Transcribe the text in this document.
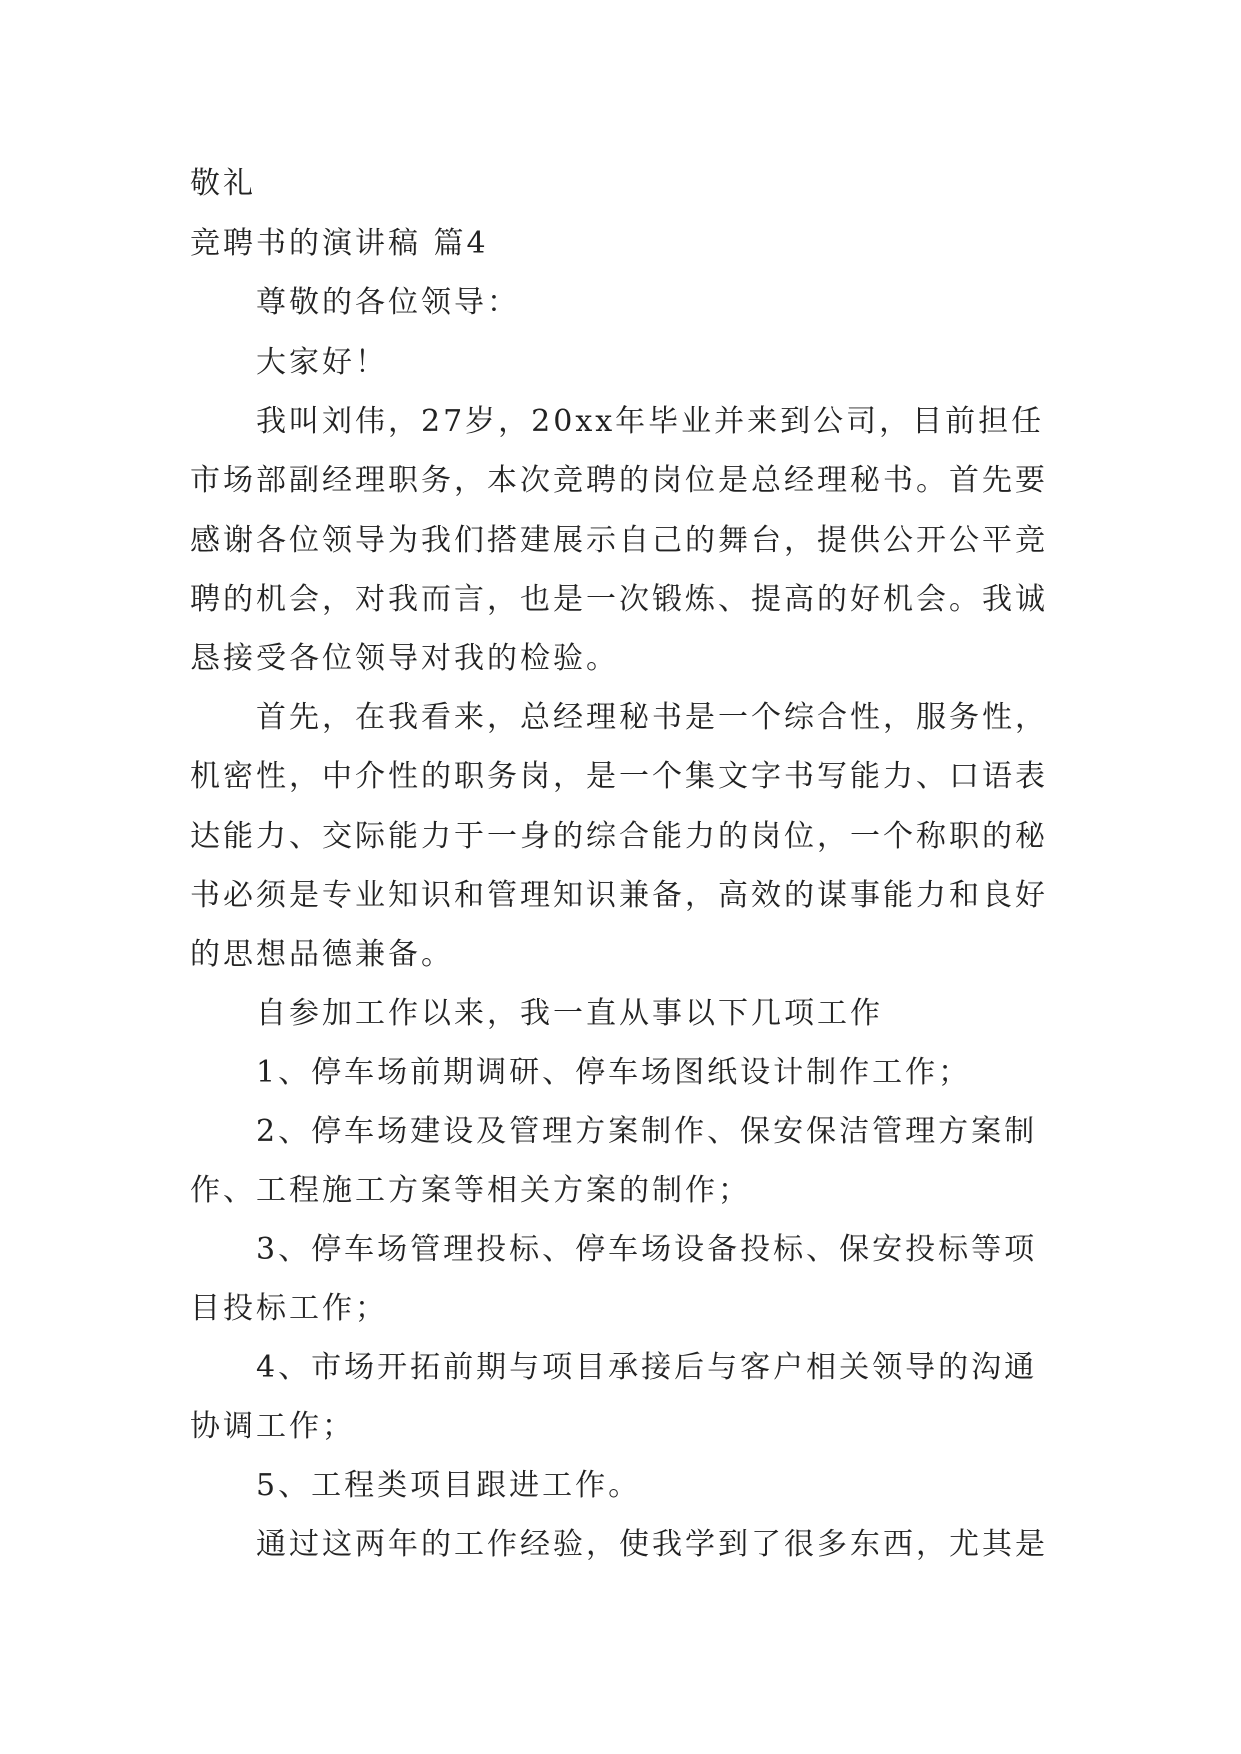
敬礼
竞聘书的演讲稿 篇4
尊敬的各位领导：
大家好！
我叫刘伟，27岁，20xx年毕业并来到公司，目前担任
市场部副经理职务，本次竞聘的岗位是总经理秘书。首先要
感谢各位领导为我们搭建展示自己的舞台，提供公开公平竞
聘的机会，对我而言，也是一次锻炼、提高的好机会。我诚
恳接受各位领导对我的检验。
首先，在我看来，总经理秘书是一个综合性，服务性，
机密性，中介性的职务岗，是一个集文字书写能力、口语表
达能力、交际能力于一身的综合能力的岗位，一个称职的秘
书必须是专业知识和管理知识兼备，高效的谋事能力和良好
的思想品德兼备。
自参加工作以来，我一直从事以下几项工作
1、停车场前期调研、停车场图纸设计制作工作；
2、停车场建设及管理方案制作、保安保洁管理方案制
作、工程施工方案等相关方案的制作；
3、停车场管理投标、停车场设备投标、保安投标等项
目投标工作；
4、市场开拓前期与项目承接后与客户相关领导的沟通
协调工作；
5、工程类项目跟进工作。
通过这两年的工作经验，使我学到了很多东西，尤其是
